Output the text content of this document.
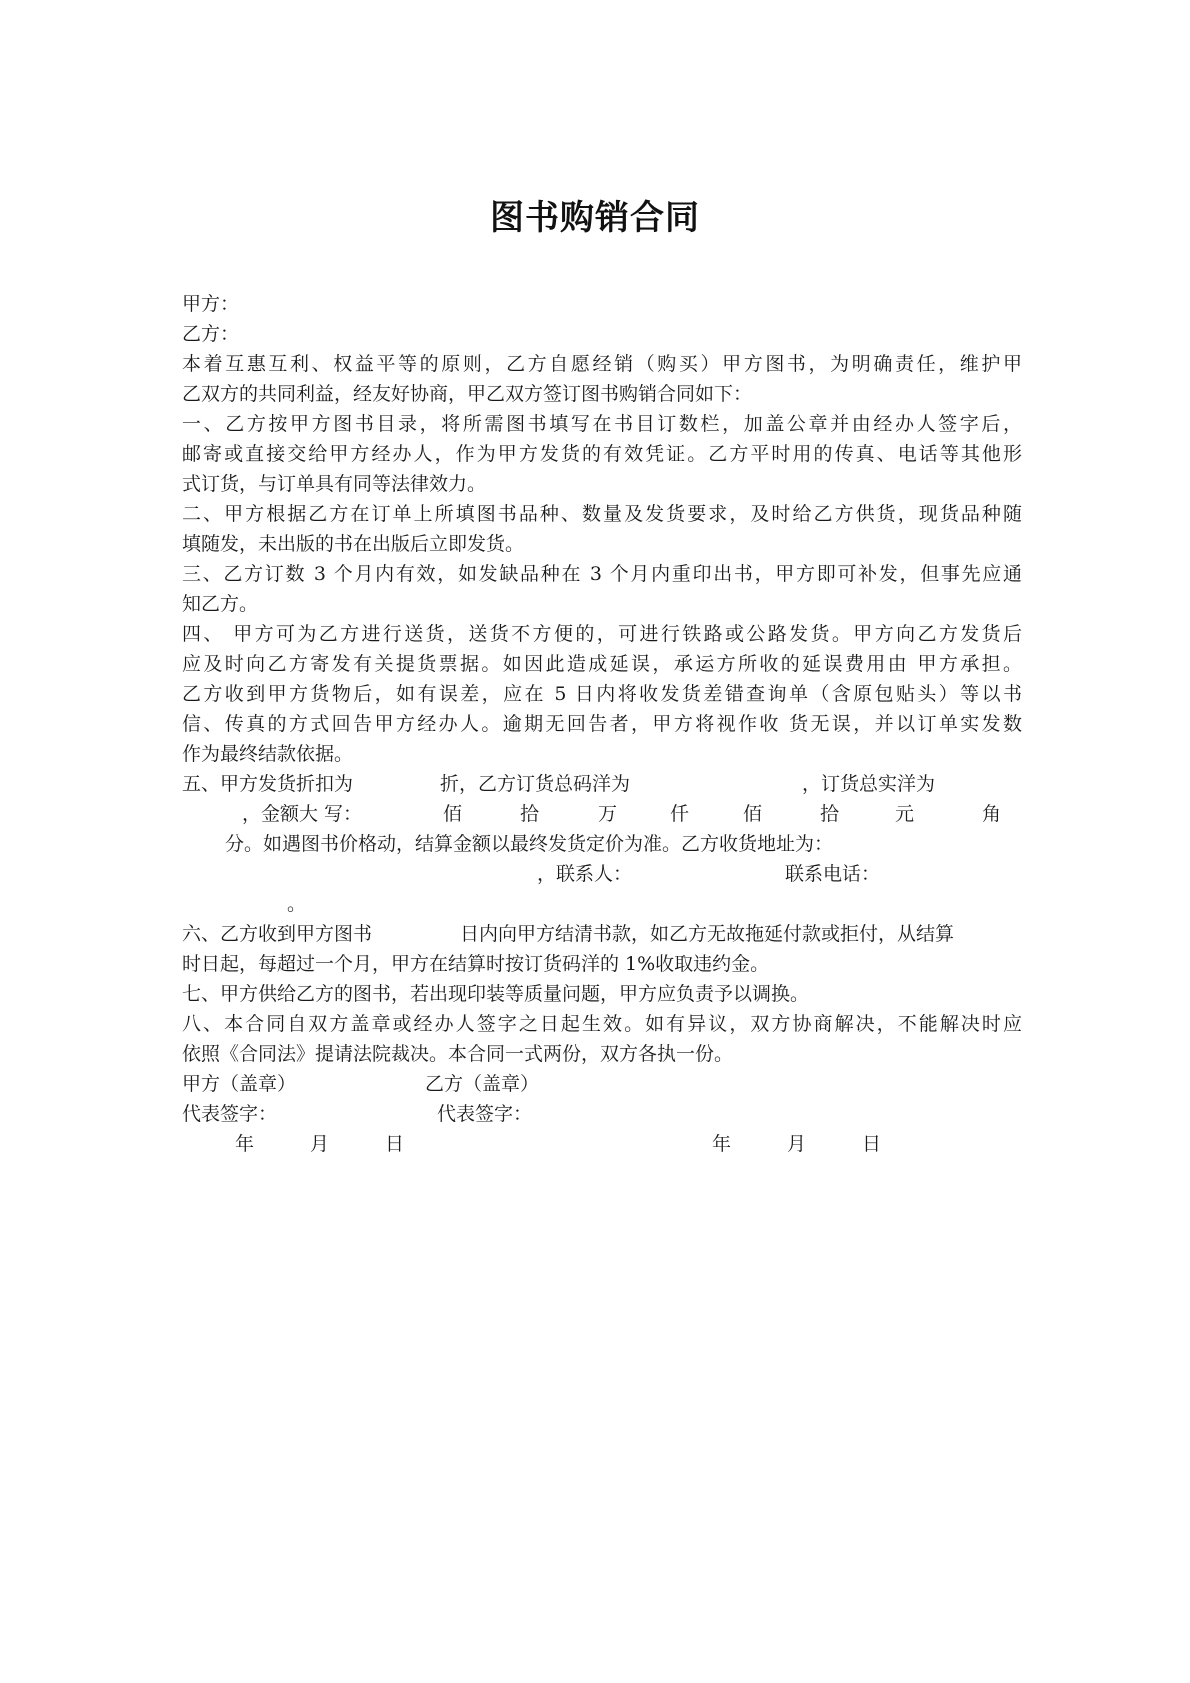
图书购销合同
甲方：
乙方：
本着互惠互利、权益平等的原则，乙方自愿经销（购买）甲方图书，为明确责任，维护甲
乙双方的共同利益，经友好协商，甲乙双方签订图书购销合同如下：
一、乙方按甲方图书目录，将所需图书填写在书目订数栏，加盖公章并由经办人签字后，
邮寄或直接交给甲方经办人，作为甲方发货的有效凭证。乙方平时用的传真、电话等其他形
式订货，与订单具有同等法律效力。
二、甲方根据乙方在订单上所填图书品种、数量及发货要求，及时给乙方供货，现货品种随
填随发，未出版的书在出版后立即发货。
三、乙方订数 3 个月内有效，如发缺品种在 3 个月内重印出书，甲方即可补发，但事先应通
知乙方。
四、 甲方可为乙方进行送货，送货不方便的，可进行铁路或公路发货。甲方向乙方发货后
应及时向乙方寄发有关提货票据。如因此造成延误，承运方所收的延误费用由 甲方承担。
乙方收到甲方货物后，如有误差，应在 5 日内将收发货差错查询单（含原包贴头）等以书
信、传真的方式回告甲方经办人。逾期无回告者，甲方将视作收 货无误，并以订单实发数
作为最终结款依据。
五、甲方发货折扣为	折，乙方订货总码洋为	，订货总实洋为
，金额大 写：	佰	拾	万	仟	佰	拾	元	角
分。如遇图书价格动，结算金额以最终发货定价为准。乙方收货地址为：
，联系人：	联系电话：
。
六、乙方收到甲方图书	日内向甲方结清书款，如乙方无故拖延付款或拒付，从结算
时日起，每超过一个月，甲方在结算时按订货码洋的 1%收取违约金。
七、甲方供给乙方的图书，若出现印装等质量问题，甲方应负责予以调换。
八、本合同自双方盖章或经办人签字之日起生效。如有异议，双方协商解决，不能解决时应
依照《合同法》提请法院裁决。本合同一式两份，双方各执一份。
甲方（盖章）	乙方（盖章）
代表签字：	代表签字：
年	月	日	年	月	日
